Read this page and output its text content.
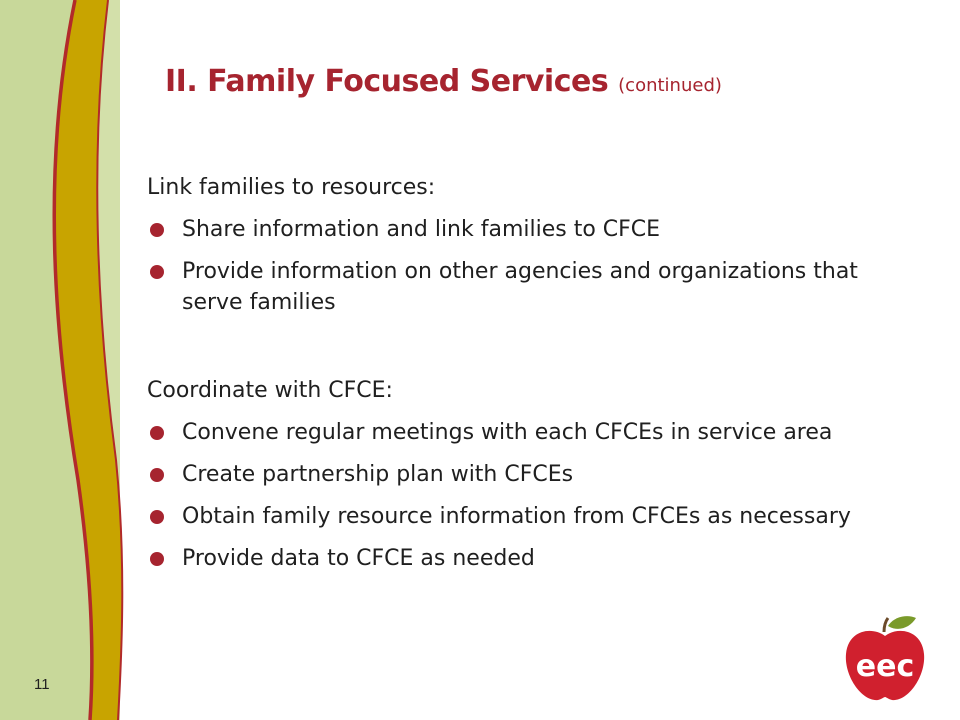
II. Family Focused Services (continued)

Link families to resources:

Share information and link families to CFCE
Provide information on other agencies and organizations that serve families

Coordinate with CFCE:

Convene regular meetings with each CFCEs in service area
Create partnership plan with CFCEs
Obtain family resource information from CFCEs as necessary
Provide data to CFCE as needed
11
eec
